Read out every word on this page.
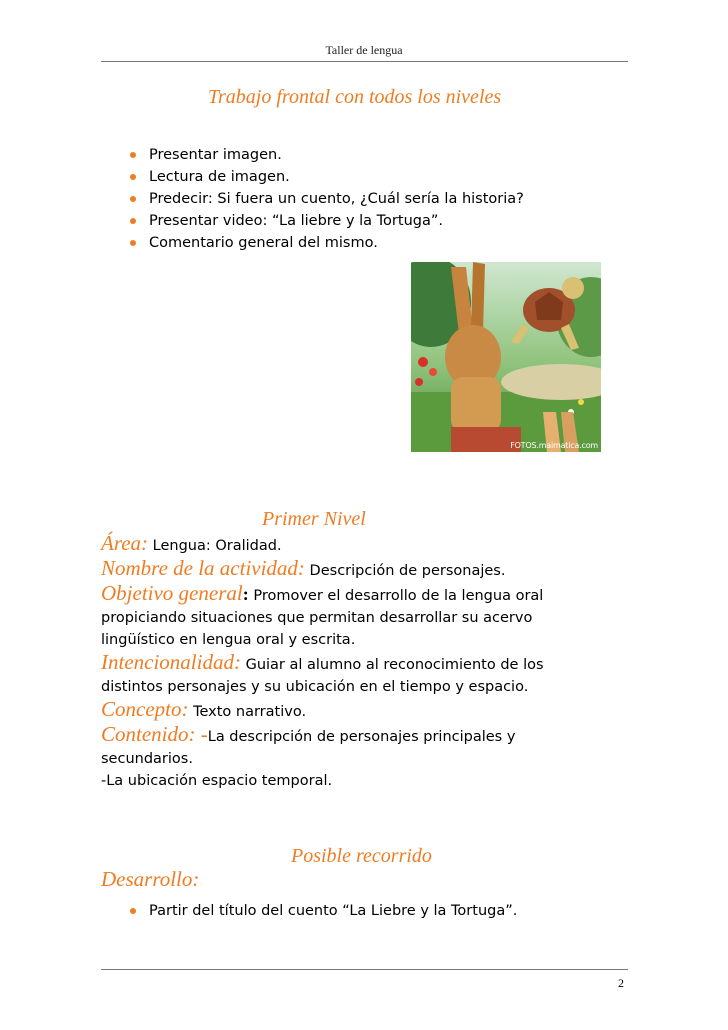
Taller de lengua
Trabajo frontal con todos los niveles
Presentar imagen.
Lectura de imagen.
Predecir: Si fuera un cuento, ¿Cuál sería la historia?
Presentar video: “La liebre y la Tortuga”.
Comentario general del mismo.
FOTOS.maimatica.com
Primer Nivel
Área: Lengua: Oralidad.
Nombre de la actividad: Descripción de personajes.
Objetivo general: Promover el desarrollo de la lengua oral
propiciando situaciones que permitan desarrollar su acervo
lingüístico en lengua oral y escrita.
Intencionalidad: Guiar al alumno al reconocimiento de los
distintos personajes y su ubicación en el tiempo y espacio.
Concepto: Texto narrativo.
Contenido: -La descripción de personajes principales y
secundarios.
-La ubicación espacio temporal.
Posible recorrido
Desarrollo:
Partir del título del cuento “La Liebre y la Tortuga”.
2
